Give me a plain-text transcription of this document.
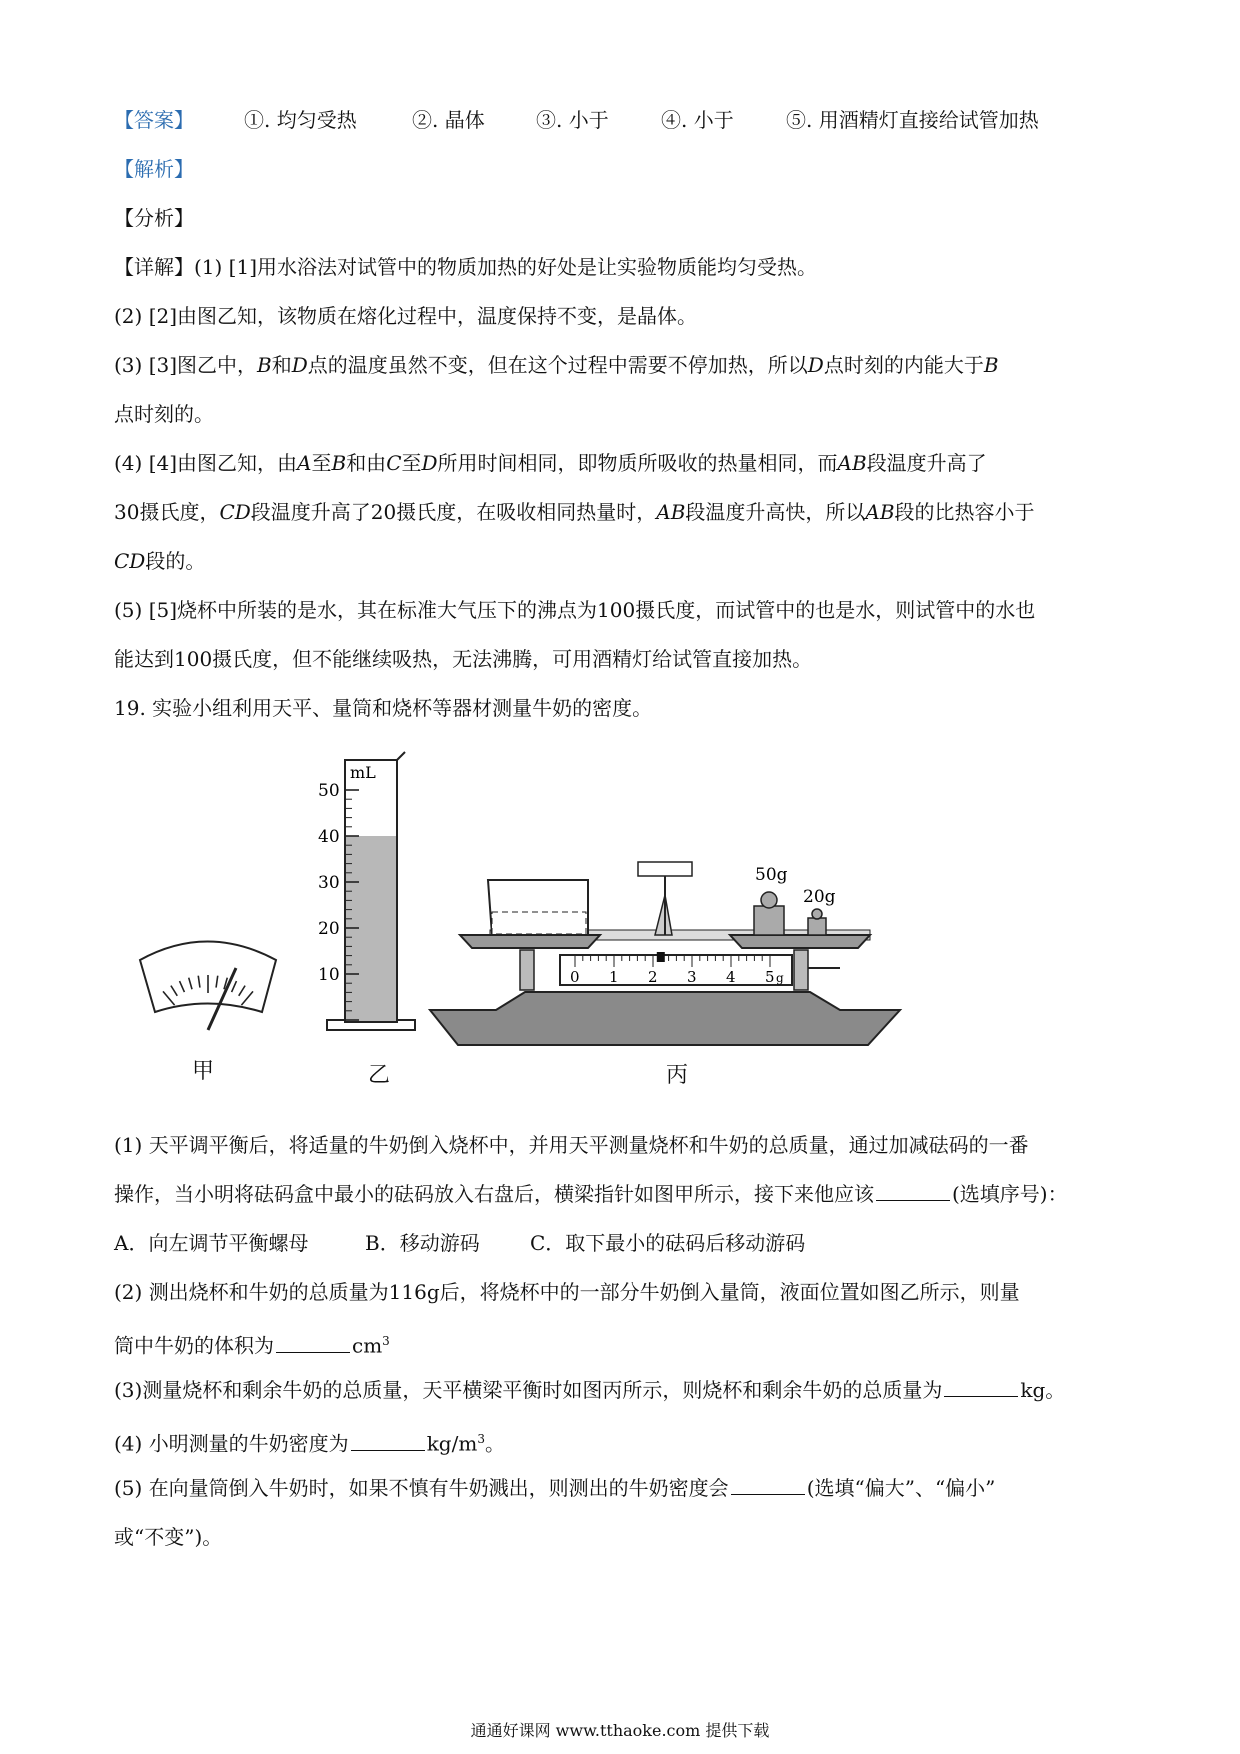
【答案】	①. 均匀受热	②. 晶体	③. 小于	④. 小于	⑤. 用酒精灯直接给试管加热
【解析】
【分析】
【详解】(1) [1]用水浴法对试管中的物质加热的好处是让实验物质能均匀受热。
(2) [2]由图乙知，该物质在熔化过程中，温度保持不变，是晶体。
(3) [3]图乙中，B和D点的温度虽然不变，但在这个过程中需要不停加热，所以D点时刻的内能大于B
点时刻的。
(4) [4]由图乙知，由A至B和由C至D所用时间相同，即物质所吸收的热量相同，而AB段温度升高了
30摄氏度，CD段温度升高了20摄氏度，在吸收相同热量时，AB段温度升高快，所以AB段的比热容小于
CD段的。
(5) [5]烧杯中所装的是水，其在标准大气压下的沸点为100摄氏度，而试管中的也是水，则试管中的水也
能达到100摄氏度，但不能继续吸热，无法沸腾，可用酒精灯给试管直接加热。
19. 实验小组利用天平、量筒和烧杯等器材测量牛奶的密度。
50
40
30
20
10
mL
50g
20g
0 1 2 3 4 5 g
甲	乙	丙
(1) 天平调平衡后，将适量的牛奶倒入烧杯中，并用天平测量烧杯和牛奶的总质量，通过加减砝码的一番
操作，当小明将砝码盒中最小的砝码放入右盘后，横梁指针如图甲所示，接下来他应该	(选填序号)：
A．向左调节平衡螺母	B．移动游码	C．取下最小的砝码后移动游码
(2) 测出烧杯和牛奶的总质量为116g后，将烧杯中的一部分牛奶倒入量筒，液面位置如图乙所示，则量
筒中牛奶的体积为	$cm^3$
(3)测量烧杯和剩余牛奶的总质量，天平横梁平衡时如图丙所示，则烧杯和剩余牛奶的总质量为	kg。
(4) 小明测量的牛奶密度为	$kg/m^3$。
(5) 在向量筒倒入牛奶时，如果不慎有牛奶溅出，则测出的牛奶密度会	(选填“偏大”、“偏小”
或“不变”)。
通通好课网 www.tthaoke.com 提供下载
